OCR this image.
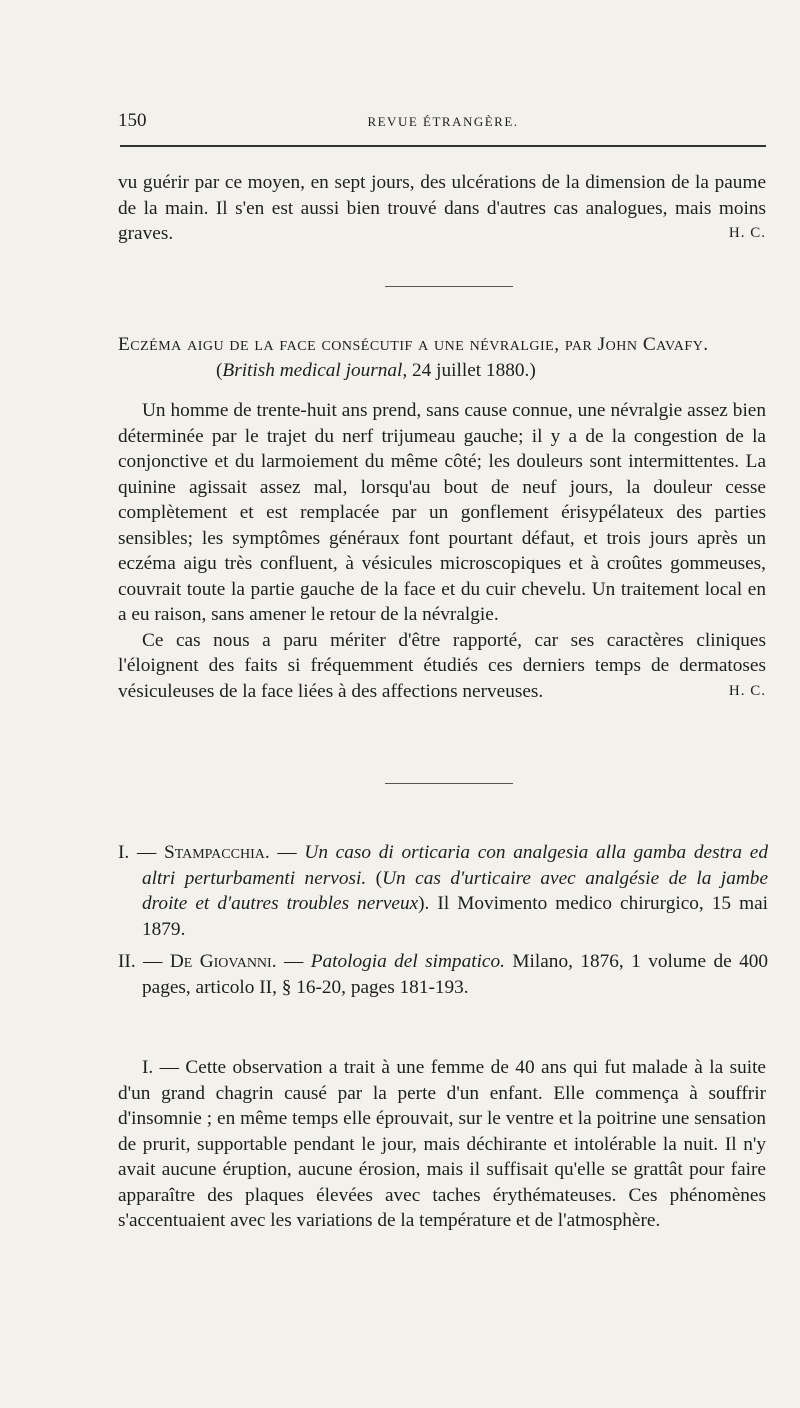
150	REVUE ÉTRANGÈRE.
vu guérir par ce moyen, en sept jours, des ulcérations de la dimension de la paume de la main. Il s'en est aussi bien trouvé dans d'autres cas analogues, mais moins graves.	H. C.
Eczéma aigu de la face consécutif a une névralgie, par John Cavafy.
(British medical journal, 24 juillet 1880.)

Un homme de trente-huit ans prend, sans cause connue, une névralgie assez bien déterminée par le trajet du nerf trijumeau gauche; il y a de la congestion de la conjonctive et du larmoiement du même côté; les douleurs sont intermittentes. La quinine agissait assez mal, lorsqu'au bout de neuf jours, la douleur cesse complètement et est remplacée par un gonflement érisypélateux des parties sensibles; les symptômes généraux font pourtant défaut, et trois jours après un eczéma aigu très confluent, à vésicules microscopiques et à croûtes gommeuses, couvrait toute la partie gauche de la face et du cuir chevelu. Un traitement local en a eu raison, sans amener le retour de la névralgie.

Ce cas nous a paru mériter d'être rapporté, car ses caractères cliniques l'éloignent des faits si fréquemment étudiés ces derniers temps de dermatoses vésiculeuses de la face liées à des affections nerveuses.	H. C.

I. — Stampacchia. — Un caso di orticaria con analgesia alla gamba destra ed altri perturbamenti nervosi. (Un cas d'urticaire avec analgésie de la jambe droite et d'autres troubles nerveux). Il Movimento medico chirurgico, 15 mai 1879.

II. — De Giovanni. — Patologia del simpatico. Milano, 1876, 1 volume de 400 pages, articolo II, § 16-20, pages 181-193.

I. — Cette observation a trait à une femme de 40 ans qui fut malade à la suite d'un grand chagrin causé par la perte d'un enfant. Elle commença à souffrir d'insomnie ; en même temps elle éprouvait, sur le ventre et la poitrine une sensation de prurit, supportable pendant le jour, mais déchirante et intolérable la nuit. Il n'y avait aucune éruption, aucune érosion, mais il suffisait qu'elle se grattât pour faire apparaître des plaques élevées avec taches érythémateuses. Ces phénomènes s'accentuaient avec les variations de la température et de l'atmosphère.
